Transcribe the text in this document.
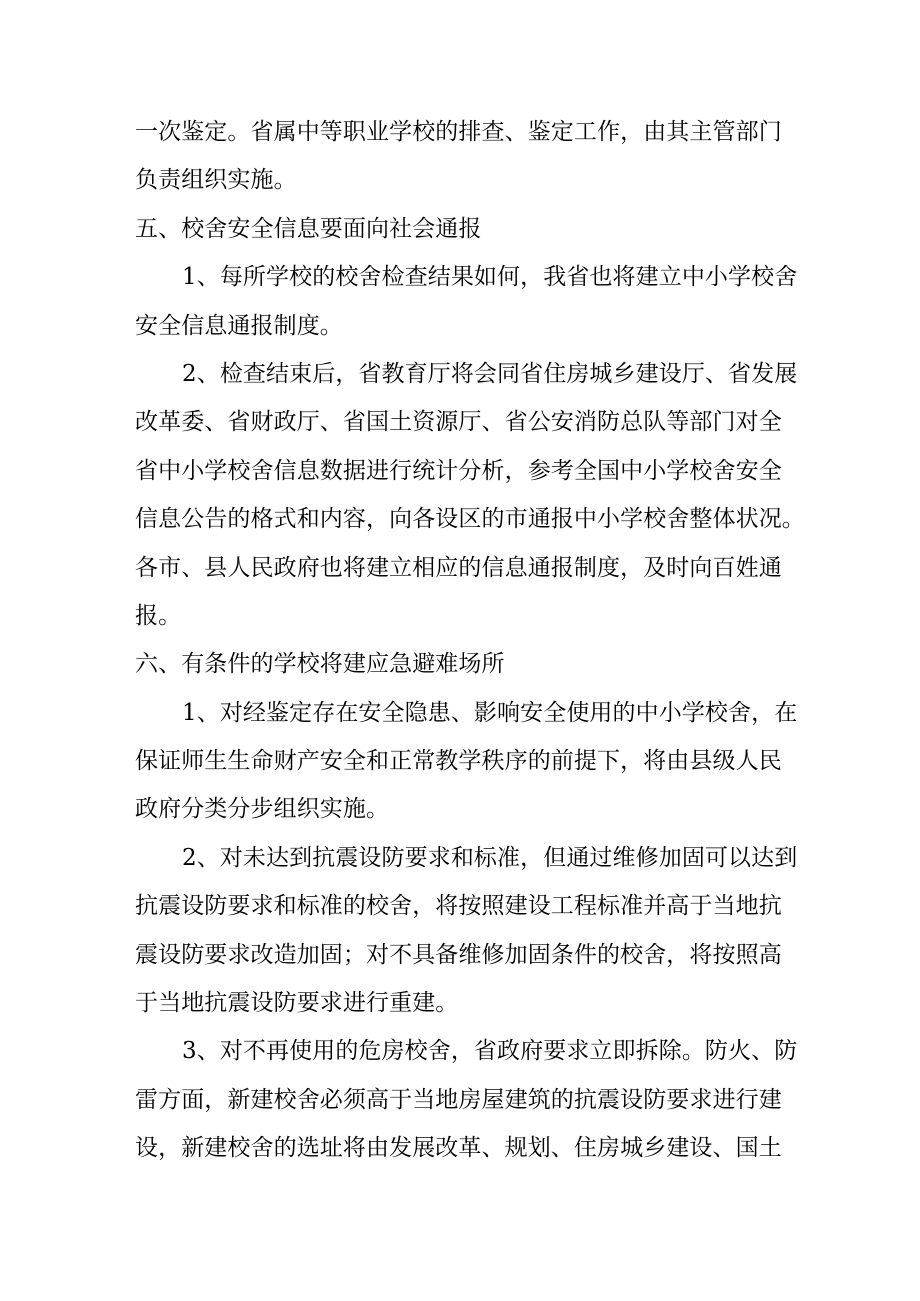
一次鉴定。省属中等职业学校的排查、鉴定工作，由其主管部门
负责组织实施。
五、校舍安全信息要面向社会通报
1、每所学校的校舍检查结果如何，我省也将建立中小学校舍
安全信息通报制度。
2、检查结束后，省教育厅将会同省住房城乡建设厅、省发展
改革委、省财政厅、省国土资源厅、省公安消防总队等部门对全
省中小学校舍信息数据进行统计分析，参考全国中小学校舍安全
信息公告的格式和内容，向各设区的市通报中小学校舍整体状况。
各市、县人民政府也将建立相应的信息通报制度，及时向百姓通
报。
六、有条件的学校将建应急避难场所
1、对经鉴定存在安全隐患、影响安全使用的中小学校舍，在
保证师生生命财产安全和正常教学秩序的前提下，将由县级人民
政府分类分步组织实施。
2、对未达到抗震设防要求和标准，但通过维修加固可以达到
抗震设防要求和标准的校舍，将按照建设工程标准并高于当地抗
震设防要求改造加固；对不具备维修加固条件的校舍，将按照高
于当地抗震设防要求进行重建。
3、对不再使用的危房校舍，省政府要求立即拆除。防火、防
雷方面，新建校舍必须高于当地房屋建筑的抗震设防要求进行建
设，新建校舍的选址将由发展改革、规划、住房城乡建设、国土
